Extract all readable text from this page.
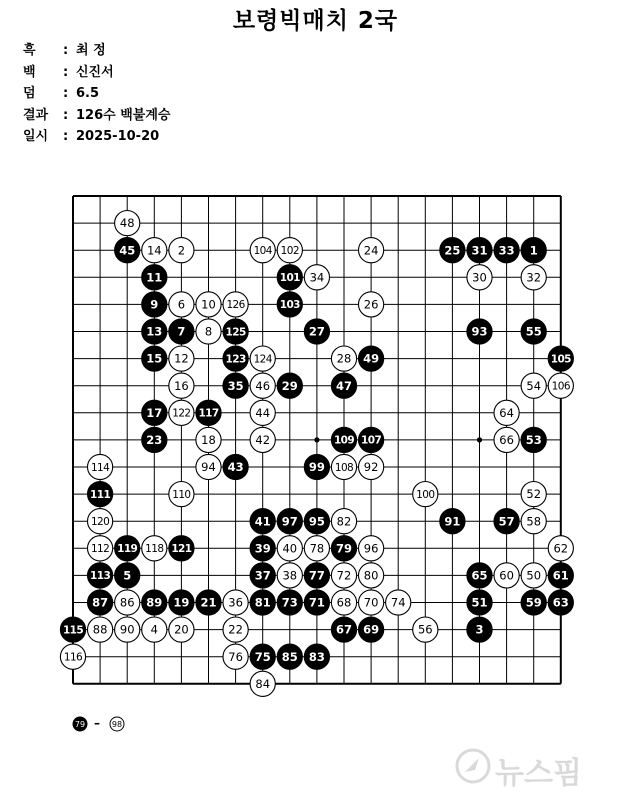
보령빅매치 2국
흑 : 최 정
백 : 신진서
덤 : 6.5
결과 : 126수 백불계승
일시 : 2025-10-20
48
45 14 2	104 102	24	25 31 33 1
11	101 34	30	32
9 6 10 126	103	26
13 7 8 125	27	93	55
15 12	123 124	28 49	105
16	35 46 29	47	54 106
17 122 117	44	64
23	18	42	109 107	66 53
114	94 43	99 108 92
111	110	100	52
120	41 97 95 82	91	57 58
112 119 118 121	39 40 78 79 96	62
113 5	37 38 77 72 80	65 60 50 61
87 86 89 19 21 36 81 73 71 68 70 74	51	59 63
115 88 90 4 20	22	67 69	56	3
116	76 75 85 83
84
79	98
–
뉴스핌
